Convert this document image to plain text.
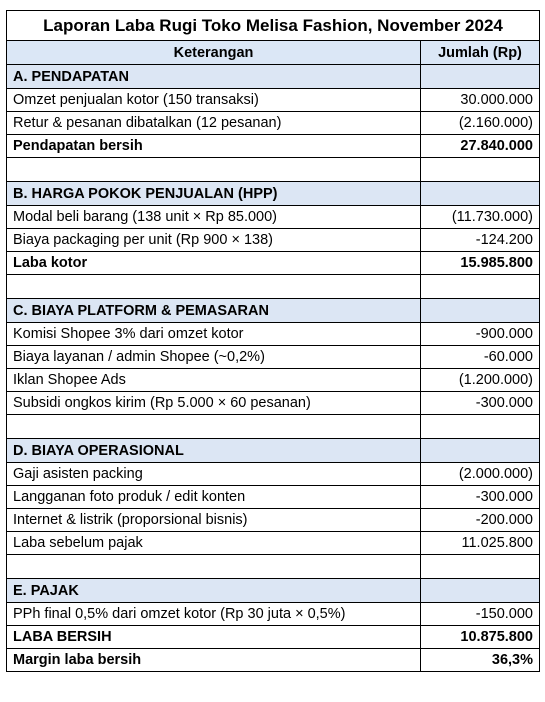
Laporan Laba Rugi Toko Melisa Fashion, November 2024	
Keterangan	Jumlah (Rp)
A. PENDAPATAN	
Omzet penjualan kotor (150 transaksi)	30.000.000
Retur & pesanan dibatalkan (12 pesanan)	(2.160.000)
Pendapatan bersih	27.840.000

B. HARGA POKOK PENJUALAN (HPP)	
Modal beli barang (138 unit × Rp 85.000)	(11.730.000)
Biaya packaging per unit (Rp 900 × 138)	-124.200
Laba kotor	15.985.800

C. BIAYA PLATFORM & PEMASARAN	
Komisi Shopee 3% dari omzet kotor	-900.000
Biaya layanan / admin Shopee (~0,2%)	-60.000
Iklan Shopee Ads	(1.200.000)
Subsidi ongkos kirim (Rp 5.000 × 60 pesanan)	-300.000

D. BIAYA OPERASIONAL	
Gaji asisten packing	(2.000.000)
Langganan foto produk / edit konten	-300.000
Internet & listrik (proporsional bisnis)	-200.000
Laba sebelum pajak	11.025.800

E. PAJAK	
PPh final 0,5% dari omzet kotor (Rp 30 juta × 0,5%)	-150.000
LABA BERSIH	10.875.800
Margin laba bersih	36,3%
